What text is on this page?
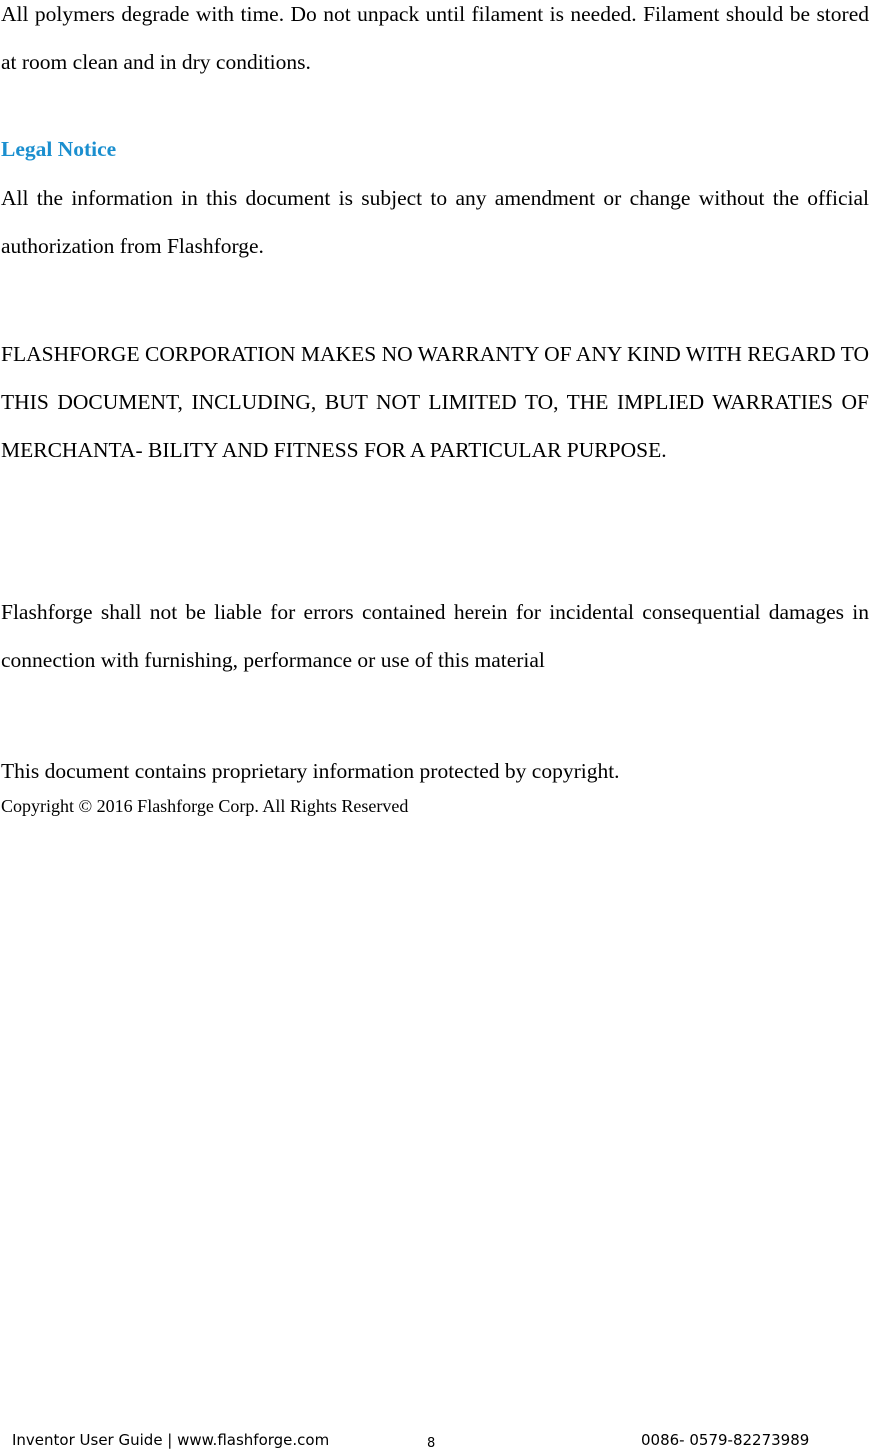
All polymers degrade with time. Do not unpack until filament is needed. Filament should be stored at room clean and in dry conditions.

Legal Notice

All the information in this document is subject to any amendment or change without the official authorization from Flashforge.

FLASHFORGE CORPORATION MAKES NO WARRANTY OF ANY KIND WITH REGARD TO THIS DOCUMENT, INCLUDING, BUT NOT LIMITED TO, THE IMPLIED WARRATIES OF MERCHANTA- BILITY AND FITNESS FOR A PARTICULAR PURPOSE.

Flashforge shall not be liable for errors contained herein for incidental consequential damages in connection with furnishing, performance or use of this material

This document contains proprietary information protected by copyright.

Copyright © 2016 Flashforge Corp. All Rights Reserved

Inventor User Guide | www.flashforge.com	8	0086- 0579-82273989
